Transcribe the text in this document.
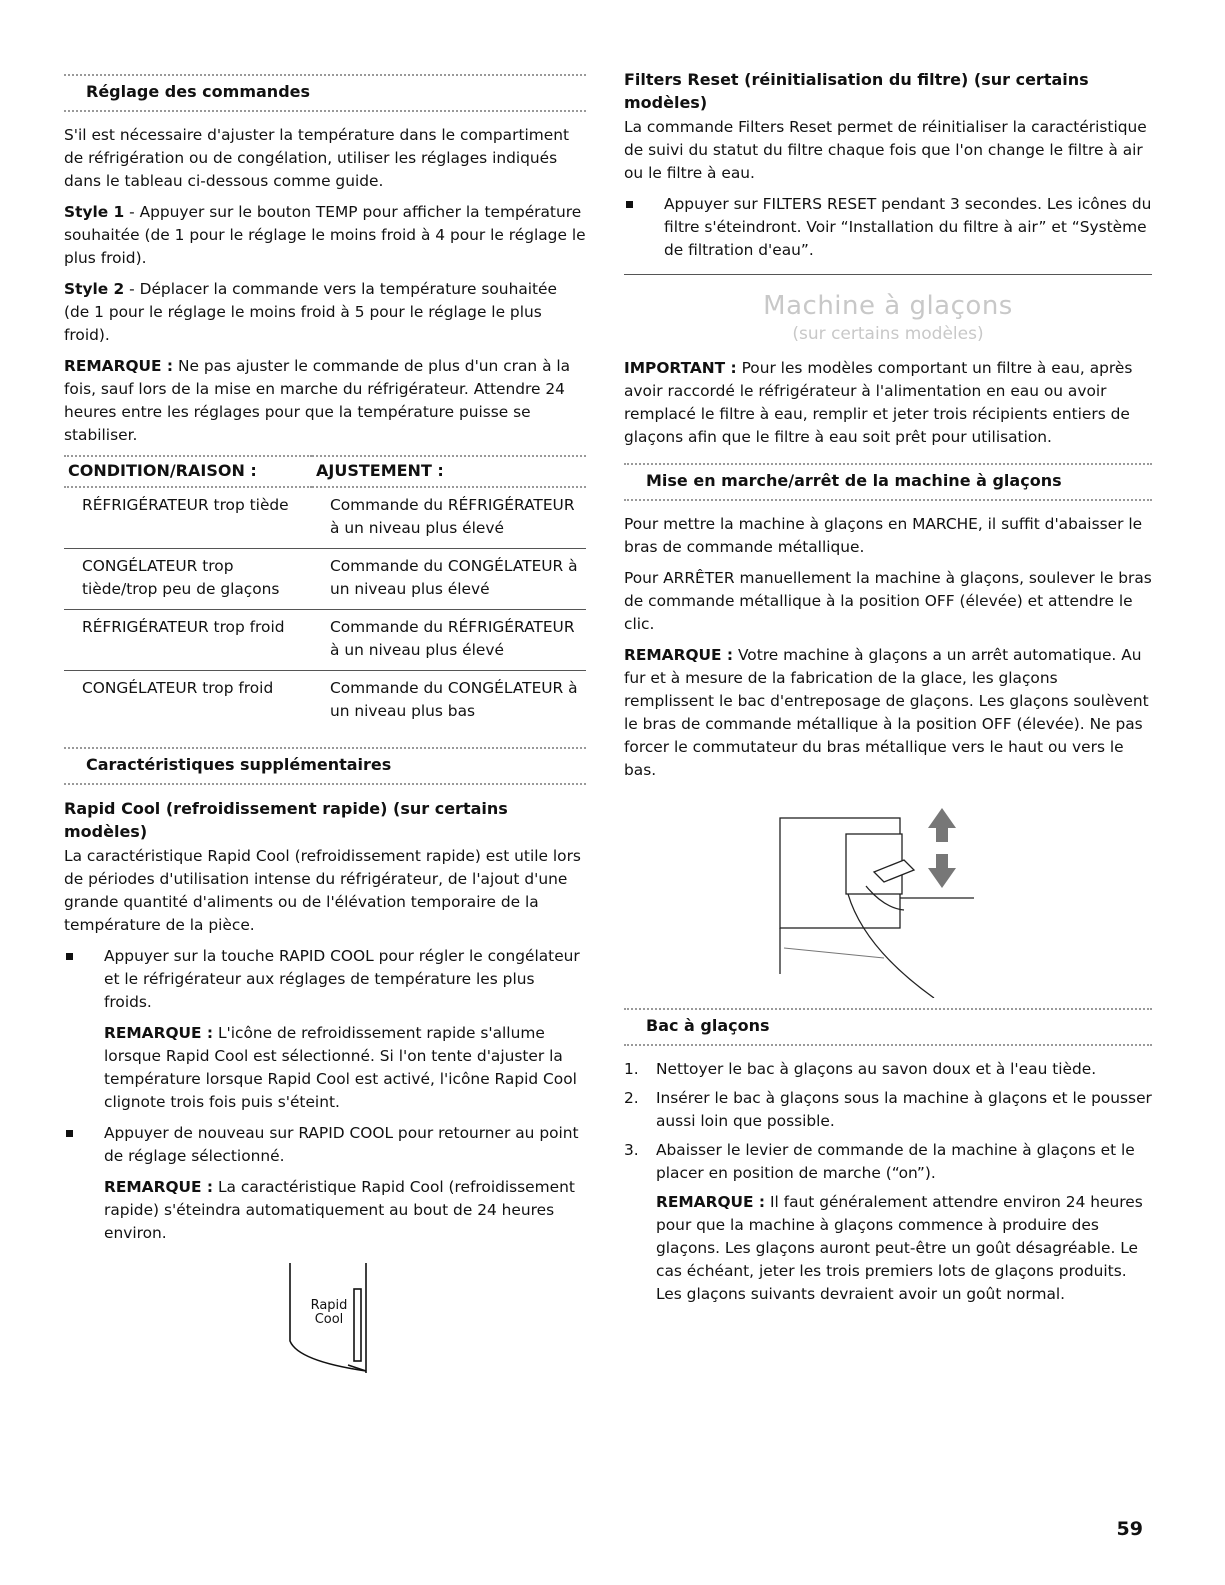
Réglage des commandes

S'il est nécessaire d'ajuster la température dans le compartiment de réfrigération ou de congélation, utiliser les réglages indiqués dans le tableau ci-dessous comme guide.

Style 1 - Appuyer sur le bouton TEMP pour afficher la température souhaitée (de 1 pour le réglage le moins froid à 4 pour le réglage le plus froid).

Style 2 - Déplacer la commande vers la température souhaitée (de 1 pour le réglage le moins froid à 5 pour le réglage le plus froid).

REMARQUE : Ne pas ajuster le commande de plus d'un cran à la fois, sauf lors de la mise en marche du réfrigérateur. Attendre 24 heures entre les réglages pour que la température puisse se stabiliser.

CONDITION/RAISON :	AJUSTEMENT :
RÉFRIGÉRATEUR trop tiède	Commande du RÉFRIGÉRATEUR à un niveau plus élevé
CONGÉLATEUR trop tiède/trop peu de glaçons	Commande du CONGÉLATEUR à un niveau plus élevé
RÉFRIGÉRATEUR trop froid	Commande du RÉFRIGÉRATEUR à un niveau plus élevé
CONGÉLATEUR trop froid	Commande du CONGÉLATEUR à un niveau plus bas
Caractéristiques supplémentaires
Rapid Cool (refroidissement rapide) (sur certains modèles)

La caractéristique Rapid Cool (refroidissement rapide) est utile lors de périodes d'utilisation intense du réfrigérateur, de l'ajout d'une grande quantité d'aliments ou de l'élévation temporaire de la température de la pièce.

Appuyer sur la touche RAPID COOL pour régler le congélateur et le réfrigérateur aux réglages de température les plus froids.

REMARQUE : L'icône de refroidissement rapide s'allume lorsque Rapid Cool est sélectionné. Si l'on tente d'ajuster la température lorsque Rapid Cool est activé, l'icône Rapid Cool clignote trois fois puis s'éteint.

Appuyer de nouveau sur RAPID COOL pour retourner au point de réglage sélectionné.

REMARQUE : La caractéristique Rapid Cool (refroidissement rapide) s'éteindra automatiquement au bout de 24 heures environ.

Rapid
Cool
Filters Reset (réinitialisation du filtre) (sur certains modèles)

La commande Filters Reset permet de réinitialiser la caractéristique de suivi du statut du filtre chaque fois que l'on change le filtre à air ou le filtre à eau.

Appuyer sur FILTERS RESET pendant 3 secondes. Les icônes du filtre s'éteindront. Voir “Installation du filtre à air” et “Système de filtration d'eau”.
Machine à glaçons
(sur certains modèles)

IMPORTANT : Pour les modèles comportant un filtre à eau, après avoir raccordé le réfrigérateur à l'alimentation en eau ou avoir remplacé le filtre à eau, remplir et jeter trois récipients entiers de glaçons afin que le filtre à eau soit prêt pour utilisation.

Mise en marche/arrêt de la machine à glaçons

Pour mettre la machine à glaçons en MARCHE, il suffit d'abaisser le bras de commande métallique.

Pour ARRÊTER manuellement la machine à glaçons, soulever le bras de commande métallique à la position OFF (élevée) et attendre le clic.

REMARQUE : Votre machine à glaçons a un arrêt automatique. Au fur et à mesure de la fabrication de la glace, les glaçons remplissent le bac d'entreposage de glaçons. Les glaçons soulèvent le bras de commande métallique à la position OFF (élevée). Ne pas forcer le commutateur du bras métallique vers le haut ou vers le bas.

Bac à glaçons
1. Nettoyer le bac à glaçons au savon doux et à l'eau tiède.
2. Insérer le bac à glaçons sous la machine à glaçons et le pousser aussi loin que possible.
3. Abaisser le levier de commande de la machine à glaçons et le placer en position de marche (“on”).

REMARQUE : Il faut généralement attendre environ 24 heures pour que la machine à glaçons commence à produire des glaçons. Les glaçons auront peut-être un goût désagréable. Le cas échéant, jeter les trois premiers lots de glaçons produits. Les glaçons suivants devraient avoir un goût normal.

59
